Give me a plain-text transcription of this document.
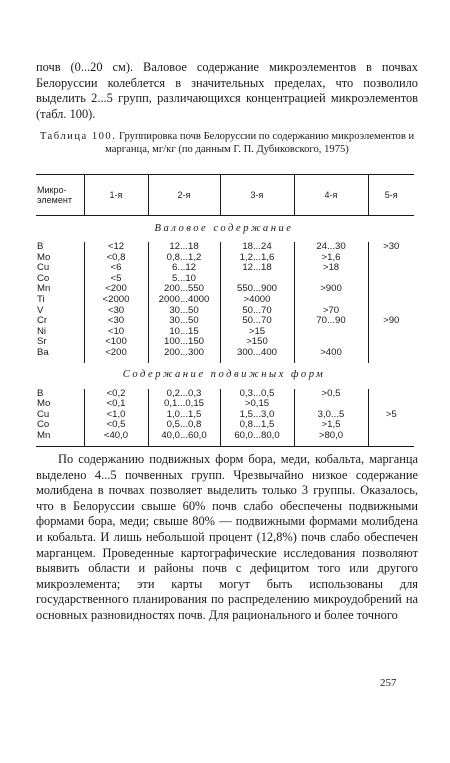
почв (0...20 см). Валовое содержание микроэлементов в почвах Белоруссии колеблется в значительных пределах, что позволило выделить 2...5 групп, различающихся концентрацией микроэлементов (табл. 100).

Таблица 100. Группировка почв Белоруссии по содержанию микроэлементов и марганца, мг/кг (по данным Г. П. Дубиковского, 1975)
Микро-
элемент	1-я	2-я	3-я	4-я	5-я
Валовое содержание					
B	<12	12...18	18...24	24...30	>30
Mo	<0,8	0,8...1,2	1,2...1,6	>1,6	
Cu	<6	6...12	12...18	>18	
Co	<5	5...10			
Mn	<200	200...550	550...900	>900	
Ti	<2000	2000...4000	>4000		
V	<30	30...50	50...70	>70	
Cr	<30	30...50	50...70	70...90	>90
Ni	<10	10...15	>15		
Sr	<100	100...150	>150		
Ba	<200	200...300	300...400	>400	
Содержание подвижных форм					
B	<0,2	0,2...0,3	0,3...0,5	>0,5	
Mo	<0,1	0,1...0,15	>0,15		
Cu	<1,0	1,0...1,5	1,5...3,0	3,0...5	>5
Co	<0,5	0,5...0,8	0,8...1,5	>1,5	
Mn	<40,0	40,0...60,0	60,0...80,0	>80,0	

По содержанию подвижных форм бора, меди, кобальта, марганца выделено 4...5 почвенных групп. Чрезвычайно низкое содержание молибдена в почвах позволяет выделить только 3 группы. Оказалось, что в Белоруссии свыше 60% почв слабо обеспечены подвижными формами бора, меди; свыше 80% — подвижными формами молибдена и кобальта. И лишь небольшой процент (12,8%) почв слабо обеспечен марганцем. Проведенные картографические исследования позволяют выявить области и районы почв с дефицитом того или другого микроэлемента; эти карты могут быть использованы для государственного планирования по распределению микроудобрений на основных разновидностях почв. Для рационального и более точного

257
